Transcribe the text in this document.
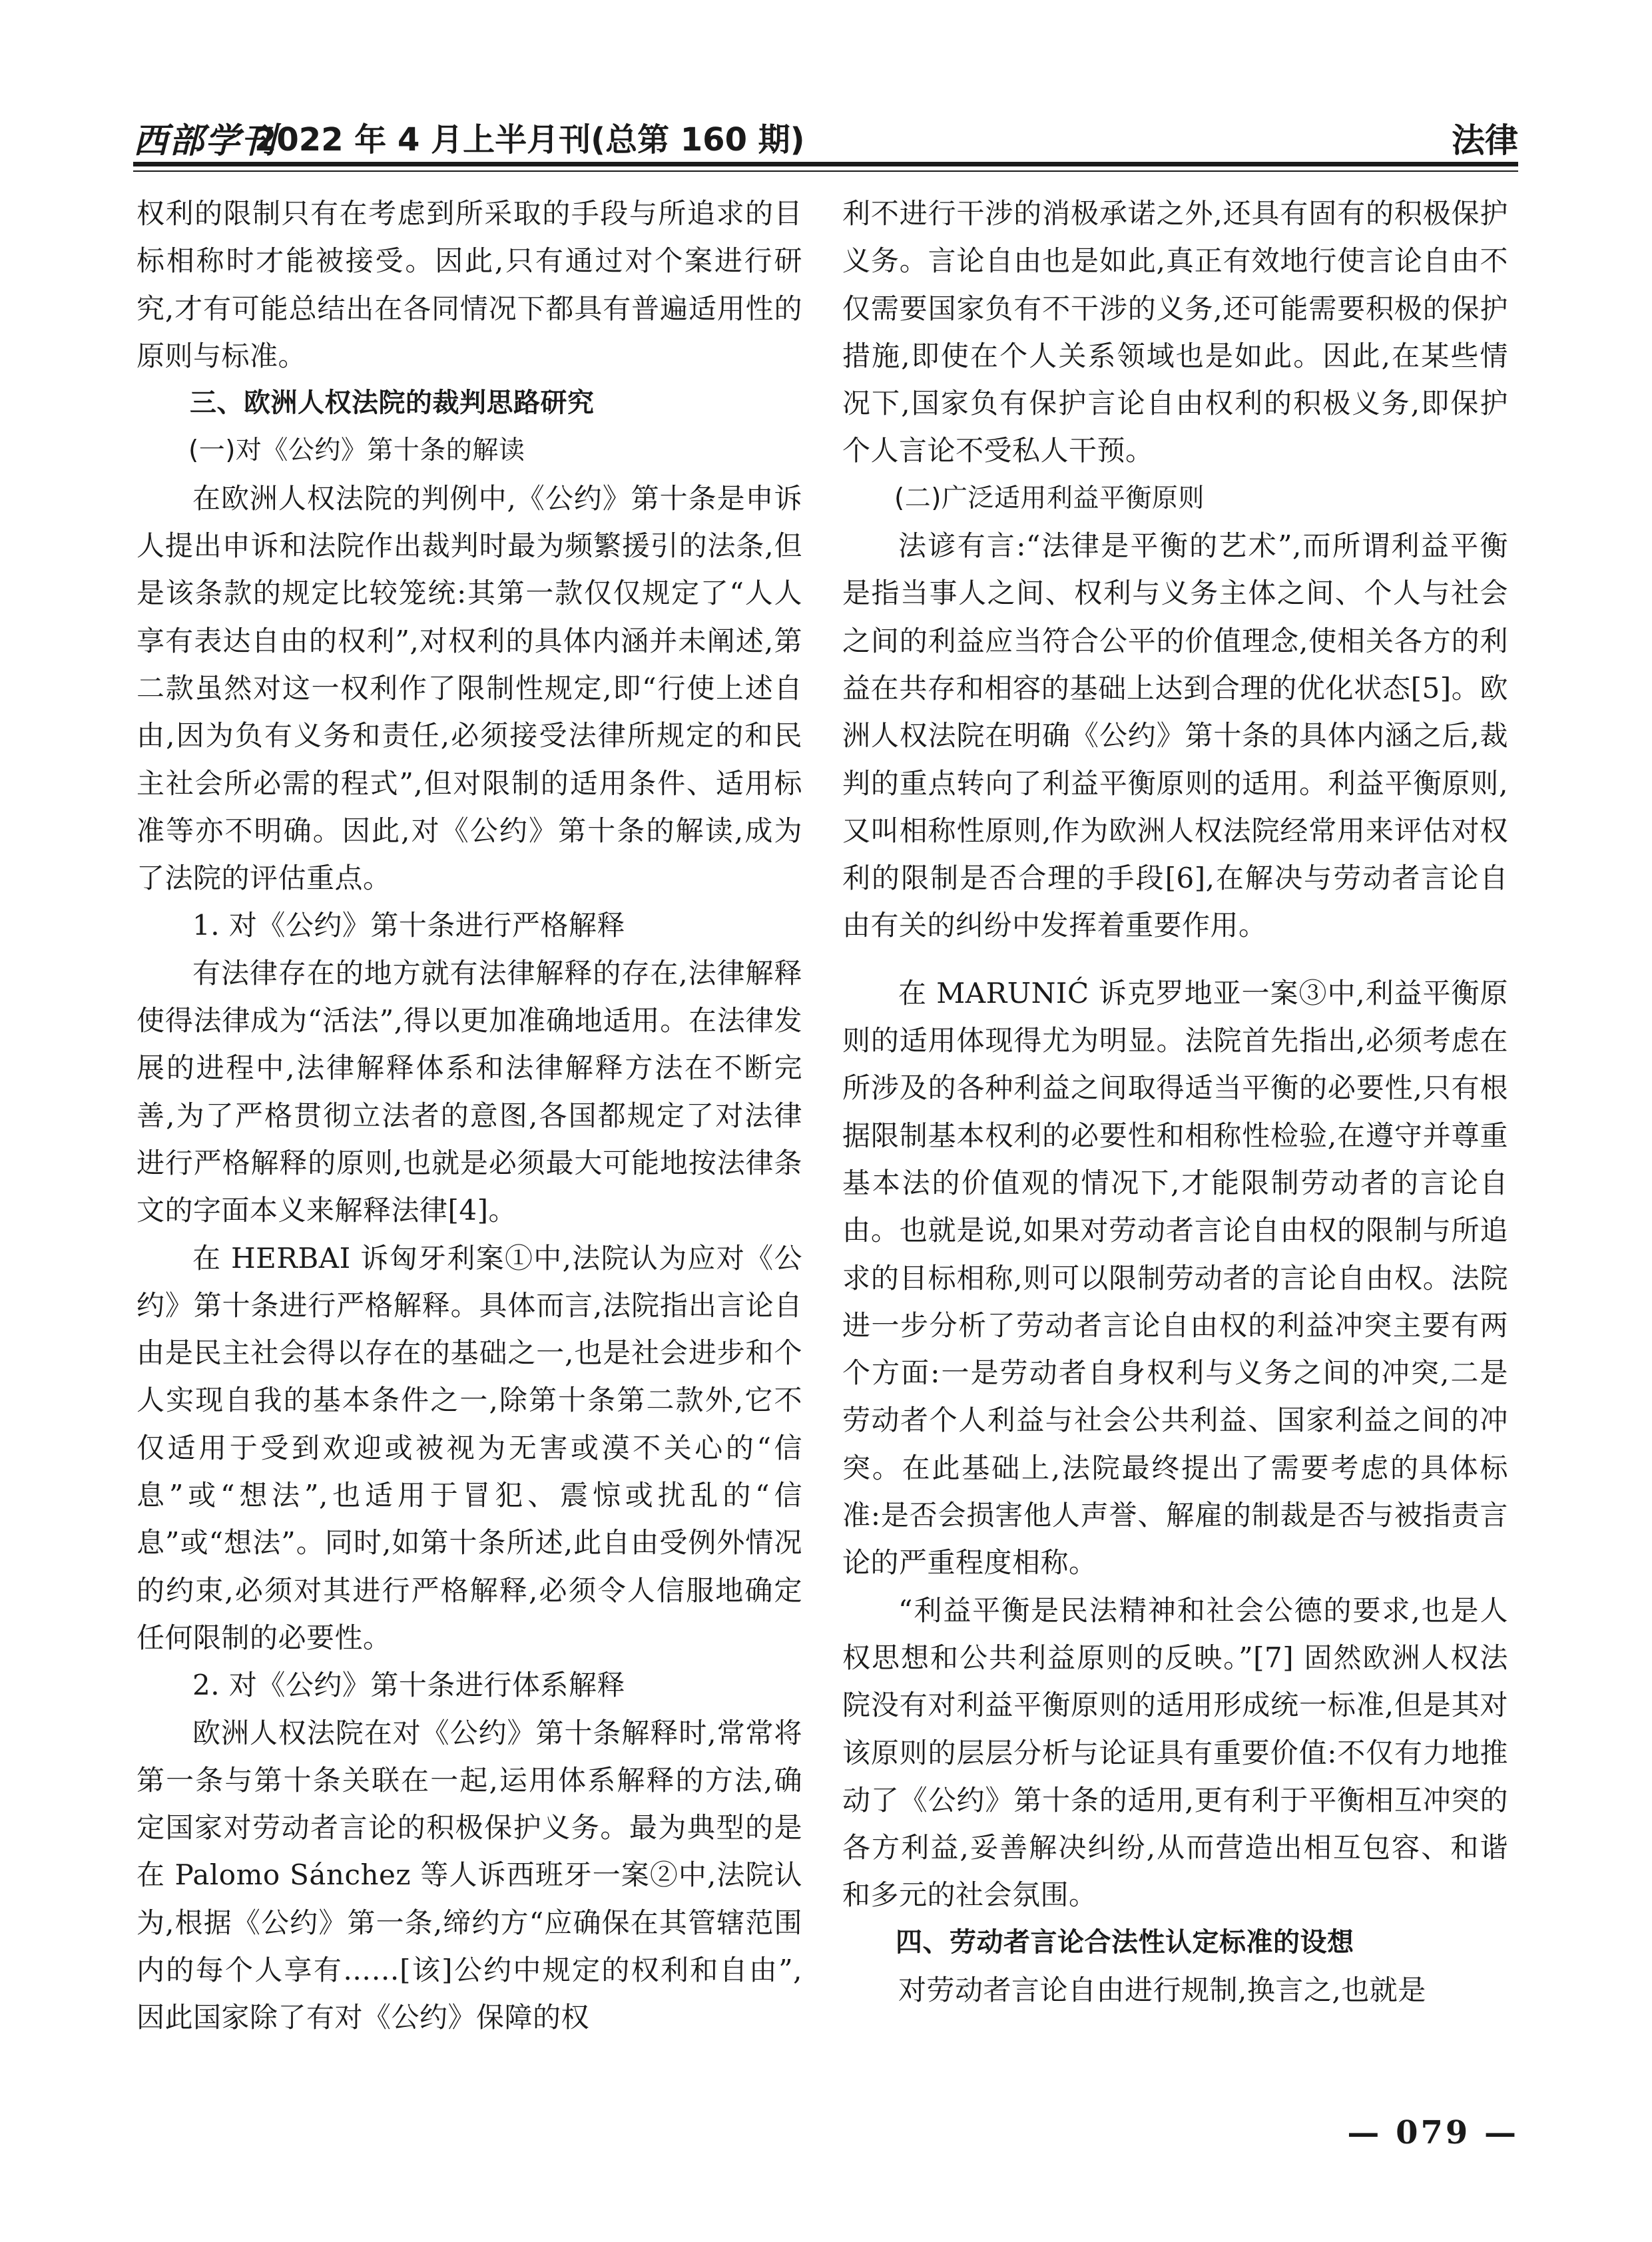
西部学刊
2022 年 4 月上半月刊(总第 160 期)	法律

权利的限制只有在考虑到所采取的手段与所追求的目标相称时才能被接受。因此,只有通过对个案进行研究,才有可能总结出在各同情况下都具有普遍适用性的原则与标准。

三、欧洲人权法院的裁判思路研究

(一)对《公约》第十条的解读

在欧洲人权法院的判例中,《公约》第十条是申诉人提出申诉和法院作出裁判时最为频繁援引的法条,但是该条款的规定比较笼统:其第一款仅仅规定了“人人享有表达自由的权利”,对权利的具体内涵并未阐述,第二款虽然对这一权利作了限制性规定,即“行使上述自由,因为负有义务和责任,必须接受法律所规定的和民主社会所必需的程式”,但对限制的适用条件、适用标准等亦不明确。因此,对《公约》第十条的解读,成为了法院的评估重点。

1. 对《公约》第十条进行严格解释

有法律存在的地方就有法律解释的存在,法律解释使得法律成为“活法”,得以更加准确地适用。在法律发展的进程中,法律解释体系和法律解释方法在不断完善,为了严格贯彻立法者的意图,各国都规定了对法律进行严格解释的原则,也就是必须最大可能地按法律条文的字面本义来解释法律[4]。

在 HERBAI 诉匈牙利案①中,法院认为应对《公约》第十条进行严格解释。具体而言,法院指出言论自由是民主社会得以存在的基础之一,也是社会进步和个人实现自我的基本条件之一,除第十条第二款外,它不仅适用于受到欢迎或被视为无害或漠不关心的“信息”或“想法”,也适用于冒犯、震惊或扰乱的“信息”或“想法”。同时,如第十条所述,此自由受例外情况的约束,必须对其进行严格解释,必须令人信服地确定任何限制的必要性。

2. 对《公约》第十条进行体系解释

欧洲人权法院在对《公约》第十条解释时,常常将第一条与第十条关联在一起,运用体系解释的方法,确定国家对劳动者言论的积极保护义务。最为典型的是在 Palomo Sánchez 等人诉西班牙一案②中,法院认为,根据《公约》第一条,缔约方“应确保在其管辖范围内的每个人享有……[该]公约中规定的权利和自由”,因此国家除了有对《公约》保障的权

利不进行干涉的消极承诺之外,还具有固有的积极保护义务。言论自由也是如此,真正有效地行使言论自由不仅需要国家负有不干涉的义务,还可能需要积极的保护措施,即使在个人关系领域也是如此。因此,在某些情况下,国家负有保护言论自由权利的积极义务,即保护个人言论不受私人干预。

(二)广泛适用利益平衡原则

法谚有言:“法律是平衡的艺术”,而所谓利益平衡是指当事人之间、权利与义务主体之间、个人与社会之间的利益应当符合公平的价值理念,使相关各方的利益在共存和相容的基础上达到合理的优化状态[5]。欧洲人权法院在明确《公约》第十条的具体内涵之后,裁判的重点转向了利益平衡原则的适用。利益平衡原则,又叫相称性原则,作为欧洲人权法院经常用来评估对权利的限制是否合理的手段[6],在解决与劳动者言论自由有关的纠纷中发挥着重要作用。

在 MARUNIĆ 诉克罗地亚一案③中,利益平衡原则的适用体现得尤为明显。法院首先指出,必须考虑在所涉及的各种利益之间取得适当平衡的必要性,只有根据限制基本权利的必要性和相称性检验,在遵守并尊重基本法的价值观的情况下,才能限制劳动者的言论自由。也就是说,如果对劳动者言论自由权的限制与所追求的目标相称,则可以限制劳动者的言论自由权。法院进一步分析了劳动者言论自由权的利益冲突主要有两个方面:一是劳动者自身权利与义务之间的冲突,二是劳动者个人利益与社会公共利益、国家利益之间的冲突。在此基础上,法院最终提出了需要考虑的具体标准:是否会损害他人声誉、解雇的制裁是否与被指责言论的严重程度相称。

“利益平衡是民法精神和社会公德的要求,也是人权思想和公共利益原则的反映。”[7] 固然欧洲人权法院没有对利益平衡原则的适用形成统一标准,但是其对该原则的层层分析与论证具有重要价值:不仅有力地推动了《公约》第十条的适用,更有利于平衡相互冲突的各方利益,妥善解决纠纷,从而营造出相互包容、和谐和多元的社会氛围。

四、劳动者言论合法性认定标准的设想

对劳动者言论自由进行规制,换言之,也就是

— 079 —
